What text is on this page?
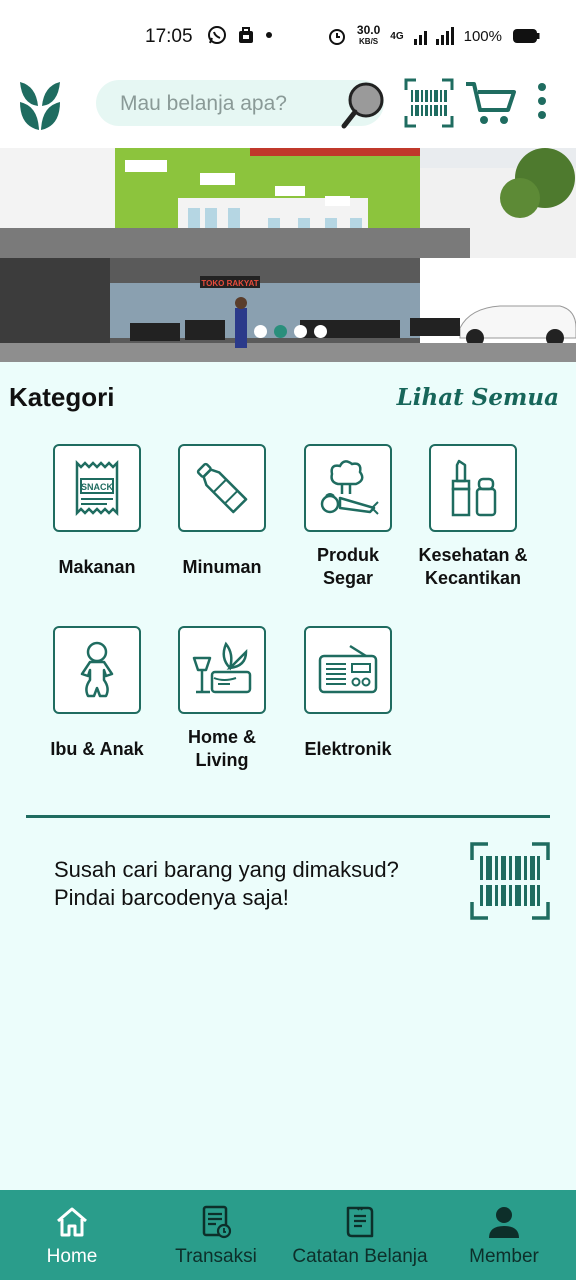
17:05	30.0
KB/S 4G	100%
Mau belanja apa?
TOKO RAKYAT
Kategori	Lihat Semua
SNACK
Makanan	Minuman
Produk Segar
Kesehatan & Kecantikan
Ibu & Anak
Home & Living
Elektronik
Susah cari barang yang dimaksud?
Pindai barcodenya saja!
Home	Transaksi	Catatan Belanja	Member
